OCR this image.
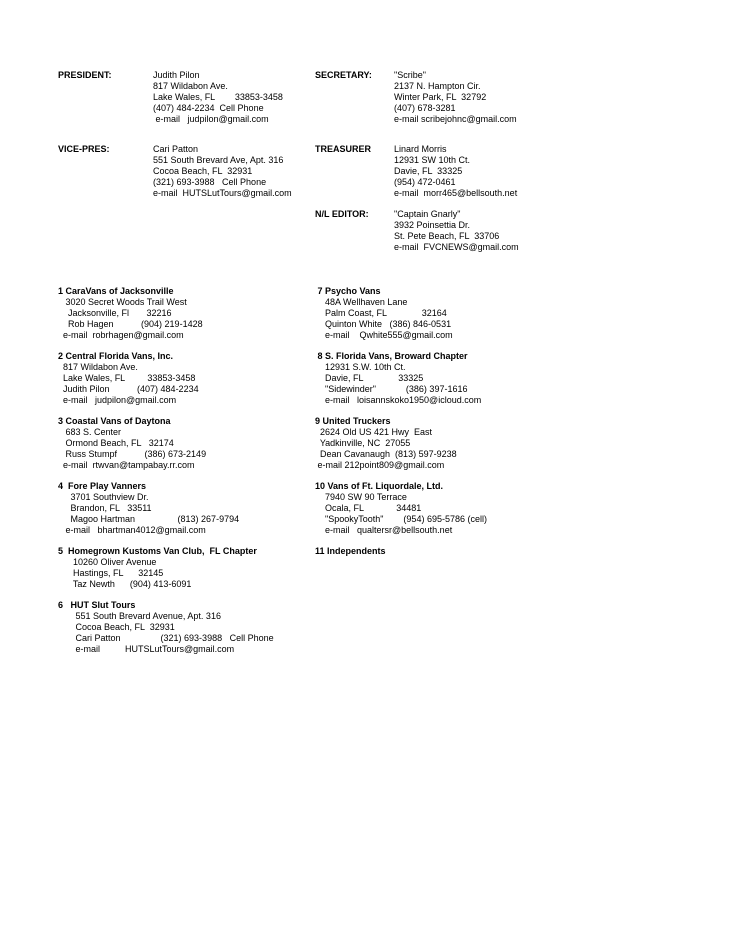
PRESIDENT:	Judith Pilon
817 Wildabon Ave.
Lake Wales, FL        33853-3458
(407) 484-2234  Cell Phone
e-mail   judpilon@gmail.com
SECRETARY: "Scribe"
2137 N. Hampton Cir.
Winter Park, FL  32792
(407) 678-3281
e-mail scribejohnc@gmail.com
VICE-PRES:	Cari Patton
551 South Brevard Ave, Apt. 316
Cocoa Beach, FL  32931
(321) 693-3988   Cell Phone
e-mail  HUTSLutTours@gmail.com
TREASURER	Linard Morris
12931 SW 10th Ct.
Davie, FL  33325
(954) 472-0461
e-mail  morr465@bellsouth.net
N/L EDITOR:	"Captain Gnarly"
3932 Poinsettia Dr.
St. Pete Beach, FL  33706
e-mail  FVCNEWS@gmail.com
1 CaraVans of Jacksonville
3020 Secret Woods Trail West
Jacksonville, Fl       32216
Rob Hagen           (904) 219-1428
e-mail  robrhagen@gmail.com
2 Central Florida Vans, Inc.
817 Wildabon Ave.
Lake Wales, FL         33853-3458
Judith Pilon           (407) 484-2234
e-mail   judpilon@gmail.com
3 Coastal Vans of Daytona
683 S. Center
Ormond Beach, FL   32174
Russ Stumpf           (386) 673-2149
e-mail  rtwvan@tampabay.rr.com
4  Fore Play Vanners
3701 Southview Dr.
Brandon, FL   33511
Magoo Hartman                 (813) 267-9794
e-mail   bhartman4012@gmail.com
5  Homegrown Kustoms Van Club,  FL Chapter
10260 Oliver Avenue
Hastings, FL      32145
Taz Newth      (904) 413-6091
6   HUT Slut Tours
551 South Brevard Avenue, Apt. 316
Cocoa Beach, FL  32931
Cari Patton                (321) 693-3988   Cell Phone
e-mail          HUTSLutTours@gmail.com
7 Psycho Vans
48A Wellhaven Lane
Palm Coast, FL              32164
Quinton White   (386) 846-0531
e-mail    Qwhite555@gmail.com
8 S. Florida Vans, Broward Chapter
12931 S.W. 10th Ct.
Davie, FL              33325
"Sidewinder"            (386) 397-1616
e-mail   loisannskoko1950@icloud.com
9 United Truckers
2624 Old US 421 Hwy  East
Yadkinville, NC  27055
Dean Cavanaugh  (813) 597-9238
e-mail 212point809@gmail.com
10 Vans of Ft. Liquordale, Ltd.
7940 SW 90 Terrace
Ocala, FL             34481
"SpookyTooth"        (954) 695-5786 (cell)
e-mail   qualtersr@bellsouth.net
11 Independents
